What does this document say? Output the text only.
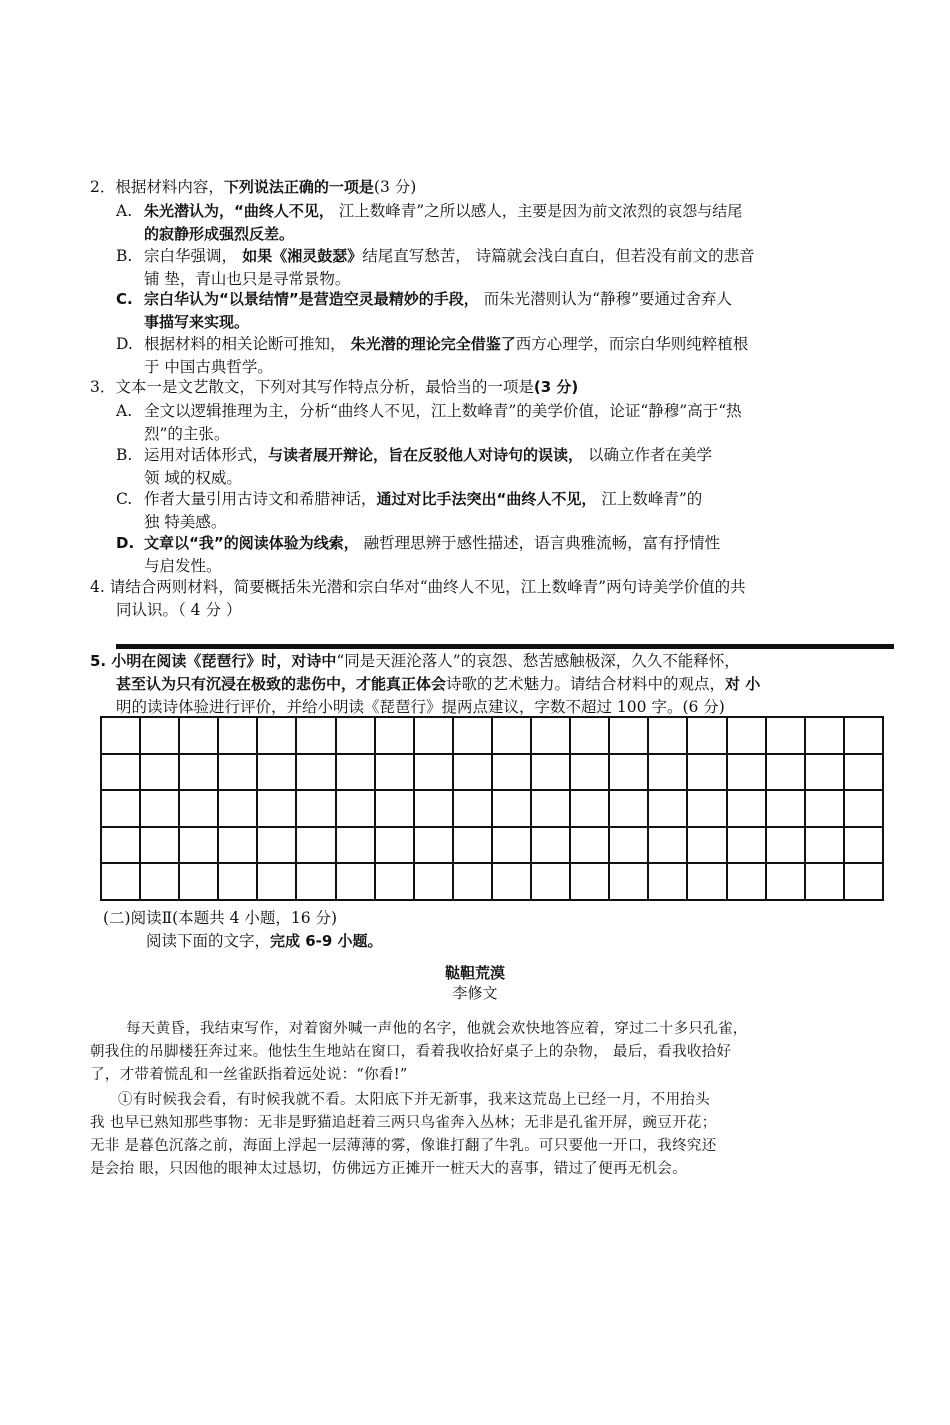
2．根据材料内容，下列说法正确的一项是(3 分)
A. 朱光潜认为，“曲终人不见， 江上数峰青”之所以感人，主要是因为前文浓烈的哀怨与结尾
的寂静形成强烈反差。
B. 宗白华强调， 如果《湘灵鼓瑟》结尾直写愁苦， 诗篇就会浅白直白，但若没有前文的悲音
铺 垫，青山也只是寻常景物。
C. 宗白华认为“以景结情”是营造空灵最精妙的手段， 而朱光潜则认为“静穆”要通过舍弃人
事描写来实现。
D. 根据材料的相关论断可推知， 朱光潜的理论完全借鉴了西方心理学，而宗白华则纯粹植根
于 中国古典哲学。
3．文本一是文艺散文，下列对其写作特点分析，最恰当的一项是(3 分)
A. 全文以逻辑推理为主，分析“曲终人不见，江上数峰青”的美学价值，论证“静穆”高于“热
烈”的主张。
B. 运用对话体形式，与读者展开辩论，旨在反驳他人对诗句的误读， 以确立作者在美学
领 域的权威。
C. 作者大量引用古诗文和希腊神话，通过对比手法突出“曲终人不见， 江上数峰青”的
独 特美感。
D. 文章以“我”的阅读体验为线索， 融哲理思辨于感性描述，语言典雅流畅，富有抒情性
与启发性。
4. 请结合两则材料，简要概括朱光潜和宗白华对“曲终人不见，江上数峰青”两句诗美学价值的共
同认识。（ 4 分 ）
5. 小明在阅读《琵琶行》时，对诗中“同是天涯沦落人”的哀怨、愁苦感触极深，久久不能释怀，
甚至认为只有沉浸在极致的悲伤中，才能真正体会诗歌的艺术魅力。请结合材料中的观点，对 小
明的读诗体验进行评价，并给小明读《琵琶行》提两点建议，字数不超过 100 字。(6 分)
(二)阅读Ⅱ(本题共 4 小题，16 分)
阅读下面的文字，完成 6-9 小题。
鞑靼荒漠
李修文
每天黄昏，我结束写作，对着窗外喊一声他的名字，他就会欢快地答应着，穿过二十多只孔雀，
朝我住的吊脚楼狂奔过来。他怯生生地站在窗口，看着我收拾好桌子上的杂物， 最后，看我收拾好
了，才带着慌乱和一丝雀跃指着远处说：“你看!”
①有时候我会看，有时候我就不看。太阳底下并无新事，我来这荒岛上已经一月，不用抬头
我 也早已熟知那些事物：无非是野猫追赶着三两只鸟雀奔入丛林；无非是孔雀开屏，豌豆开花；
无非 是暮色沉落之前，海面上浮起一层薄薄的雾，像谁打翻了牛乳。可只要他一开口，我终究还
是会抬 眼，只因他的眼神太过恳切，仿佛远方正摊开一桩天大的喜事，错过了便再无机会。
